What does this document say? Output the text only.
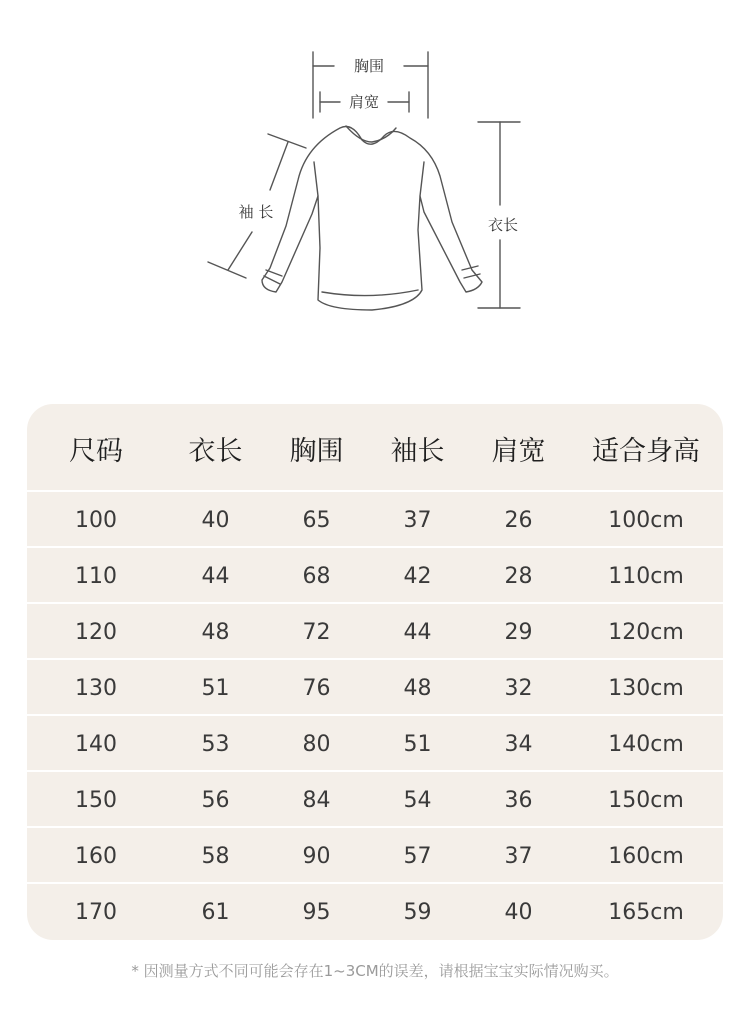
胸围
肩宽
袖 长
衣长
尺码	衣长	胸围	袖长	肩宽	适合身高
100	40	65	37	26	100cm
110	44	68	42	28	110cm
120	48	72	44	29	120cm
130	51	76	48	32	130cm
140	53	80	51	34	140cm
150	56	84	54	36	150cm
160	58	90	57	37	160cm
170	61	95	59	40	165cm
* 因测量方式不同可能会存在1~3CM的误差，请根据宝宝实际情况购买。
